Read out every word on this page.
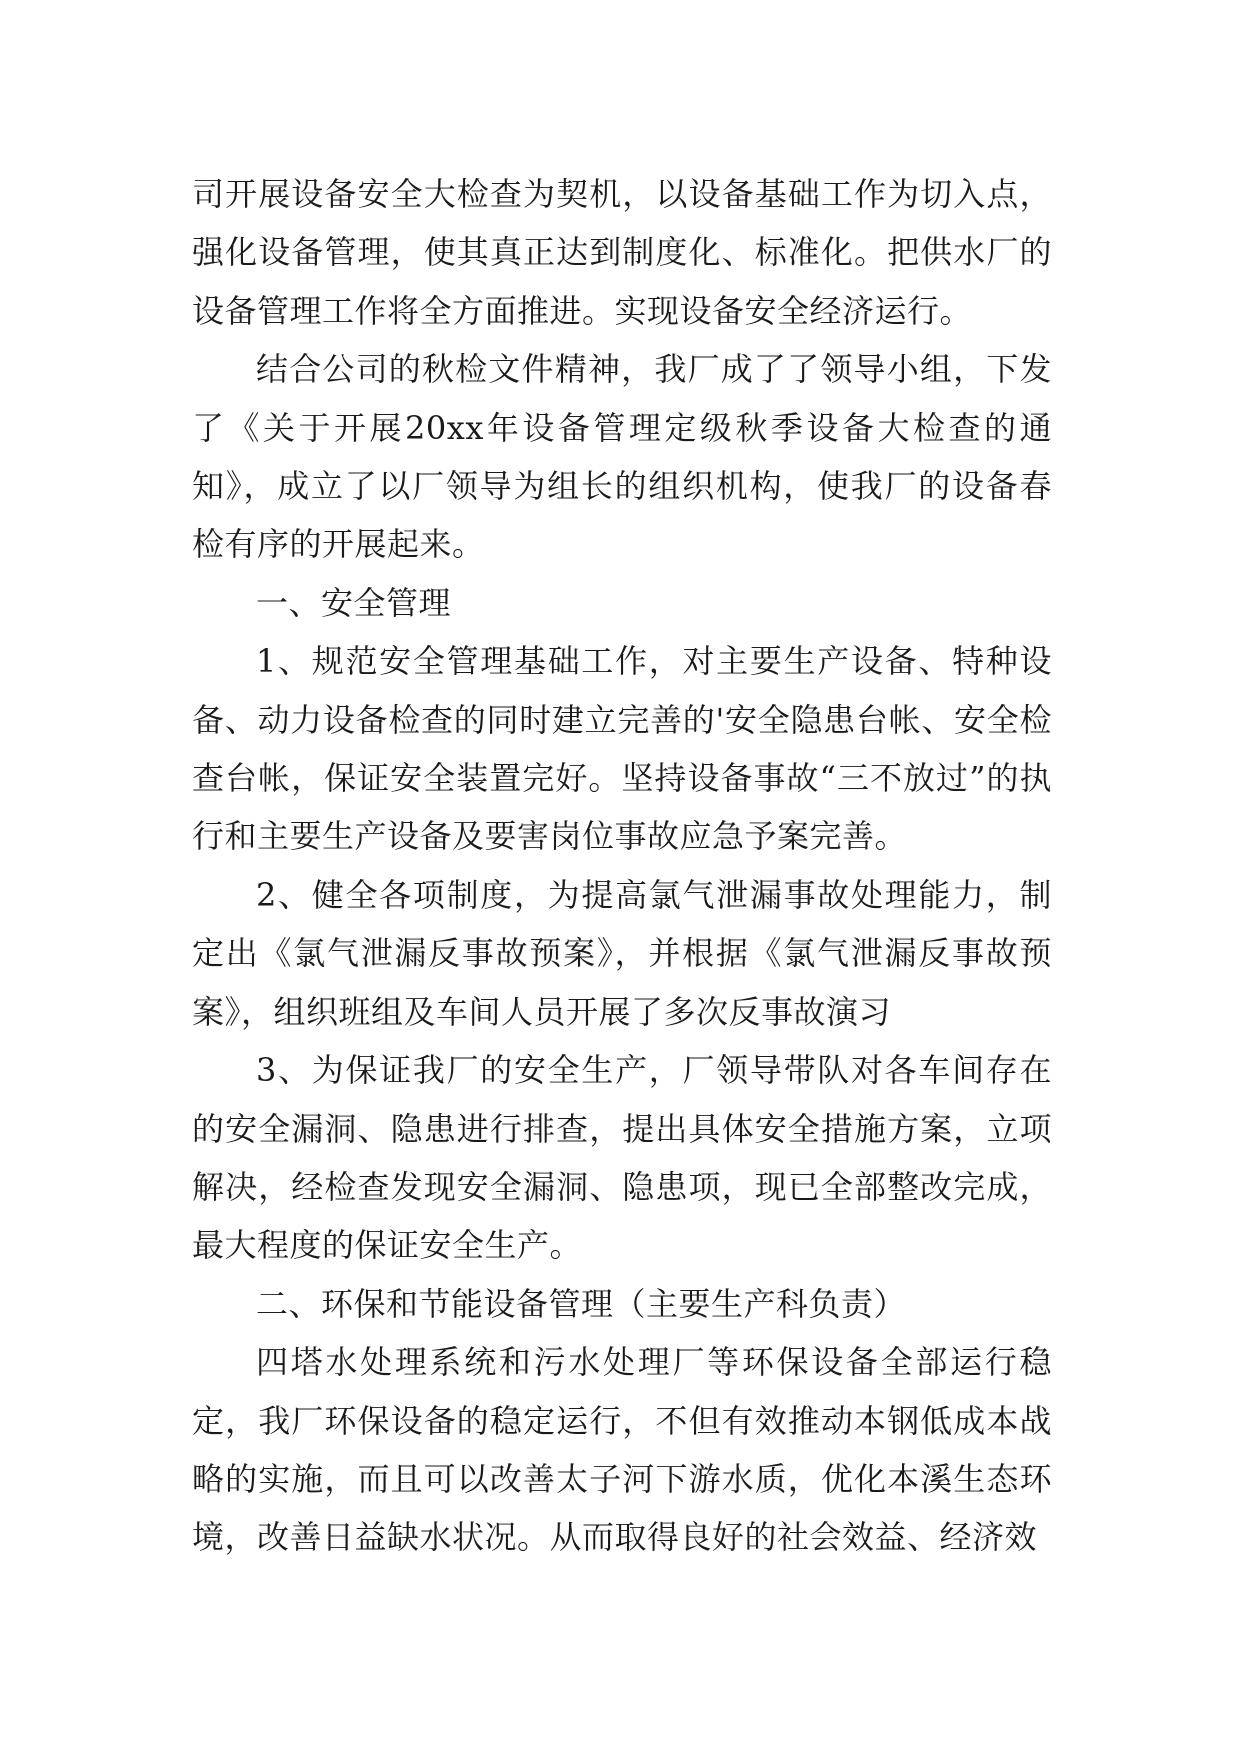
司开展设备安全大检查为契机，以设备基础工作为切入点，强化设备管理，使其真正达到制度化、标准化。把供水厂的设备管理工作将全方面推进。实现设备安全经济运行。

结合公司的秋检文件精神，我厂成了了领导小组，下发了《关于开展20xx年设备管理定级秋季设备大检查的通知》，成立了以厂领导为组长的组织机构，使我厂的设备春检有序的开展起来。

一、安全管理

1、规范安全管理基础工作，对主要生产设备、特种设备、动力设备检查的同时建立完善的'安全隐患台帐、安全检查台帐，保证安全装置完好。坚持设备事故“三不放过”的执行和主要生产设备及要害岗位事故应急予案完善。

2、健全各项制度，为提高氯气泄漏事故处理能力，制定出《氯气泄漏反事故预案》，并根据《氯气泄漏反事故预案》，组织班组及车间人员开展了多次反事故演习

3、为保证我厂的安全生产，厂领导带队对各车间存在的安全漏洞、隐患进行排查，提出具体安全措施方案，立项解决，经检查发现安全漏洞、隐患项，现已全部整改完成，最大程度的保证安全生产。

二、环保和节能设备管理（主要生产科负责）

四塔水处理系统和污水处理厂等环保设备全部运行稳定，我厂环保设备的稳定运行，不但有效推动本钢低成本战略的实施，而且可以改善太子河下游水质，优化本溪生态环境，改善日益缺水状况。从而取得良好的社会效益、经济效
